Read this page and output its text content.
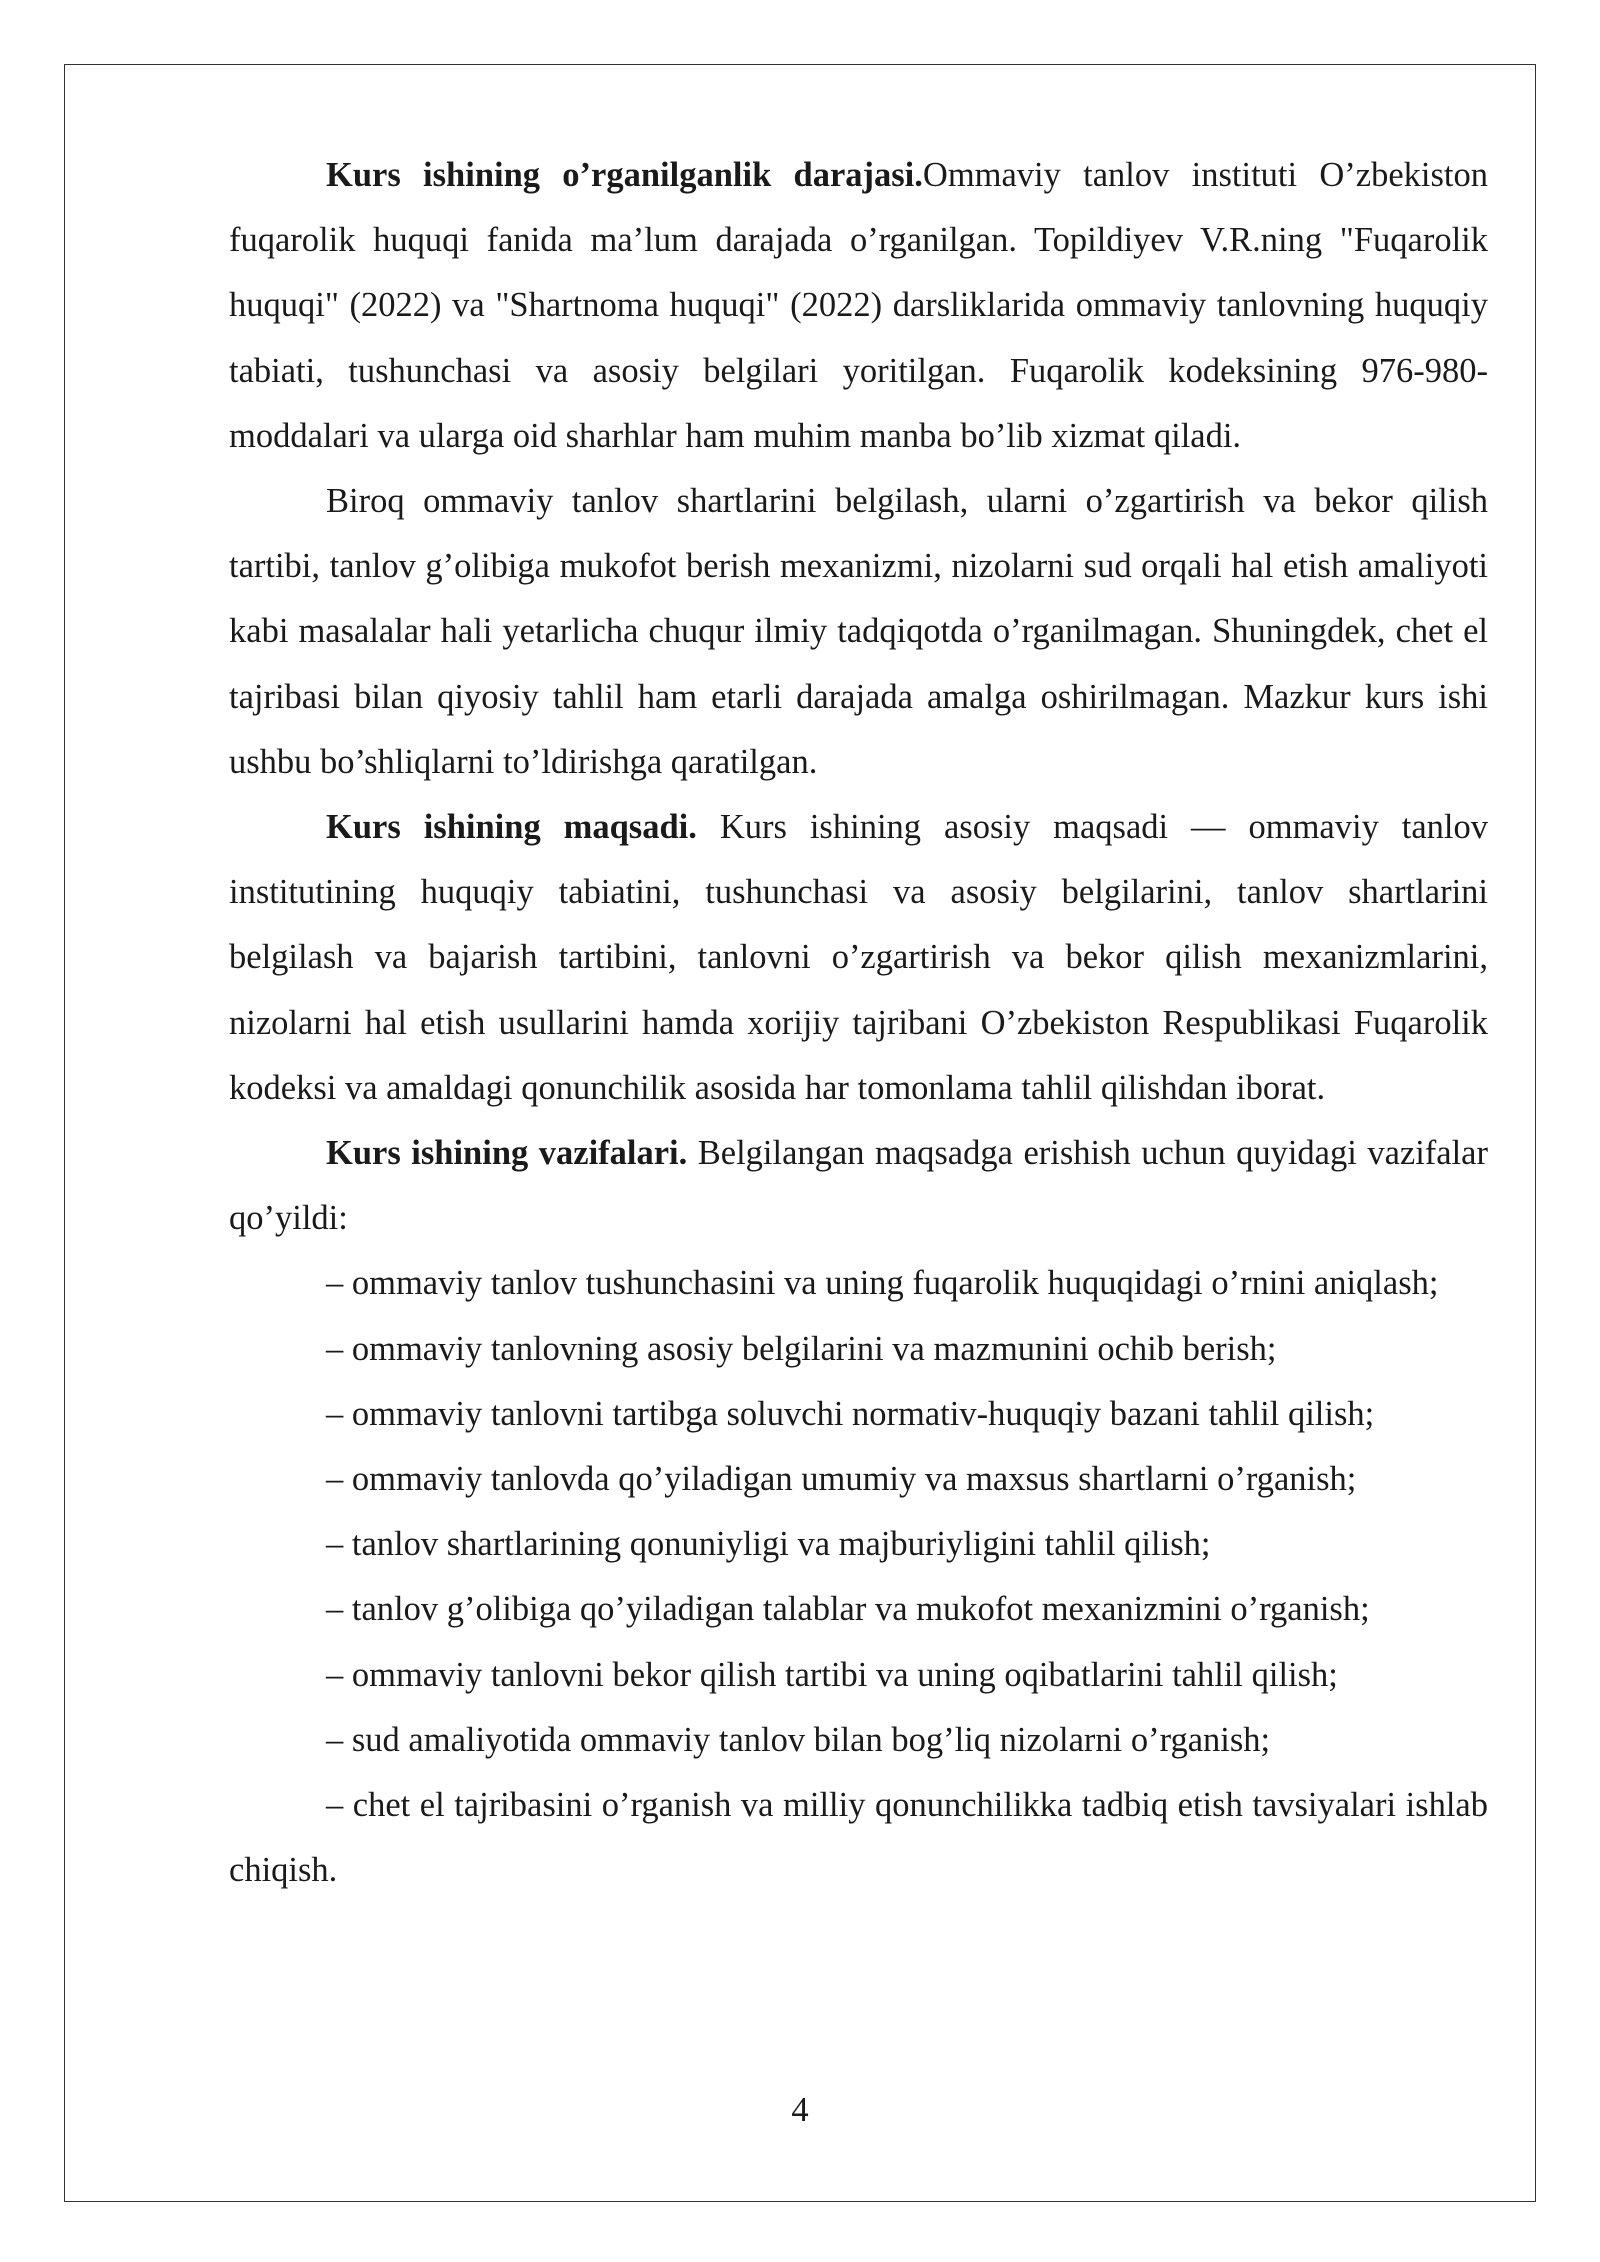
Kurs ishining o’rganilganlik darajasi.Ommaviy tanlov instituti O’zbekiston fuqarolik huquqi fanida ma’lum darajada o’rganilgan. Topildiyev V.R.ning "Fuqarolik huquqi" (2022) va "Shartnoma huquqi" (2022) darsliklarida ommaviy tanlovning huquqiy tabiati, tushunchasi va asosiy belgilari yoritilgan. Fuqarolik kodeksining 976-980-moddalari va ularga oid sharhlar ham muhim manba bo’lib xizmat qiladi.

Biroq ommaviy tanlov shartlarini belgilash, ularni o’zgartirish va bekor qilish tartibi, tanlov g’olibiga mukofot berish mexanizmi, nizolarni sud orqali hal etish amaliyoti kabi masalalar hali yetarlicha chuqur ilmiy tadqiqotda o’rganilmagan. Shuningdek, chet el tajribasi bilan qiyosiy tahlil ham etarli darajada amalga oshirilmagan. Mazkur kurs ishi ushbu bo’shliqlarni to’ldirishga qaratilgan.

Kurs ishining maqsadi. Kurs ishining asosiy maqsadi — ommaviy tanlov institutining huquqiy tabiatini, tushunchasi va asosiy belgilarini, tanlov shartlarini belgilash va bajarish tartibini, tanlovni o’zgartirish va bekor qilish mexanizmlarini, nizolarni hal etish usullarini hamda xorijiy tajribani O’zbekiston Respublikasi Fuqarolik kodeksi va amaldagi qonunchilik asosida har tomonlama tahlil qilishdan iborat.

Kurs ishining vazifalari. Belgilangan maqsadga erishish uchun quyidagi vazifalar qo’yildi:

– ommaviy tanlov tushunchasini va uning fuqarolik huquqidagi o’rnini aniqlash;

– ommaviy tanlovning asosiy belgilarini va mazmunini ochib berish;

– ommaviy tanlovni tartibga soluvchi normativ-huquqiy bazani tahlil qilish;

– ommaviy tanlovda qo’yiladigan umumiy va maxsus shartlarni o’rganish;

– tanlov shartlarining qonuniyligi va majburiyligini tahlil qilish;

– tanlov g’olibiga qo’yiladigan talablar va mukofot mexanizmini o’rganish;

– ommaviy tanlovni bekor qilish tartibi va uning oqibatlarini tahlil qilish;

– sud amaliyotida ommaviy tanlov bilan bog’liq nizolarni o’rganish;

– chet el tajribasini o’rganish va milliy qonunchilikka tadbiq etish tavsiyalari ishlab chiqish.

4
